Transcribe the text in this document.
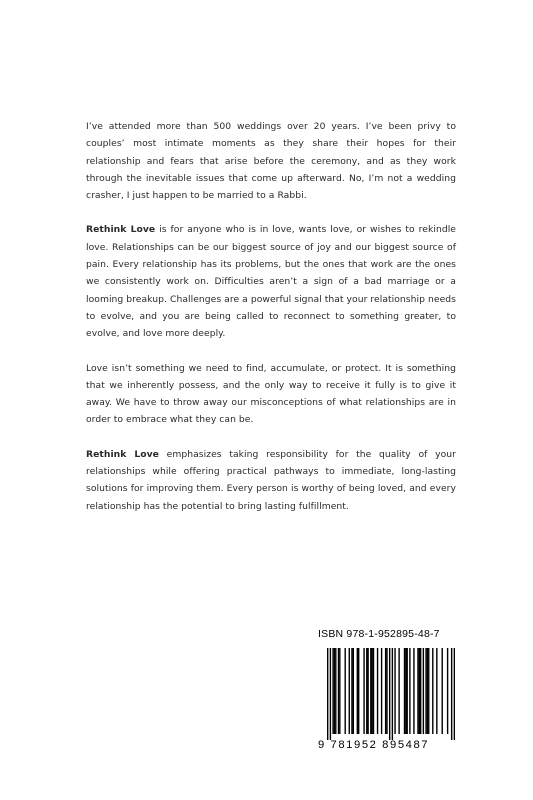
I’ve attended more than 500 weddings over 20 years. I’ve been privy to couples’ most intimate moments as they share their hopes for their relationship and fears that arise before the ceremony, and as they work through the inevitable issues that come up afterward. No, I’m not a wedding crasher, I just happen to be married to a Rabbi.

Rethink Love is for anyone who is in love, wants love, or wishes to rekindle love. Relationships can be our biggest source of joy and our biggest source of pain. Every relationship has its problems, but the ones that work are the ones we consistently work on. Difficulties aren’t a sign of a bad marriage or a looming breakup. Challenges are a powerful signal that your relationship needs to evolve, and you are being called to reconnect to something greater, to evolve, and love more deeply.

Love isn’t something we need to find, accumulate, or protect. It is something that we inherently possess, and the only way to receive it fully is to give it away. We have to throw away our misconceptions of what relationships are in order to embrace what they can be.

Rethink Love emphasizes taking responsibility for the quality of your relationships while offering practical pathways to immediate, long-lasting solutions for improving them. Every person is worthy of being loved, and every relationship has the potential to bring lasting fulfillment.

ISBN 978-1-952895-48-7
9 781952 895487
